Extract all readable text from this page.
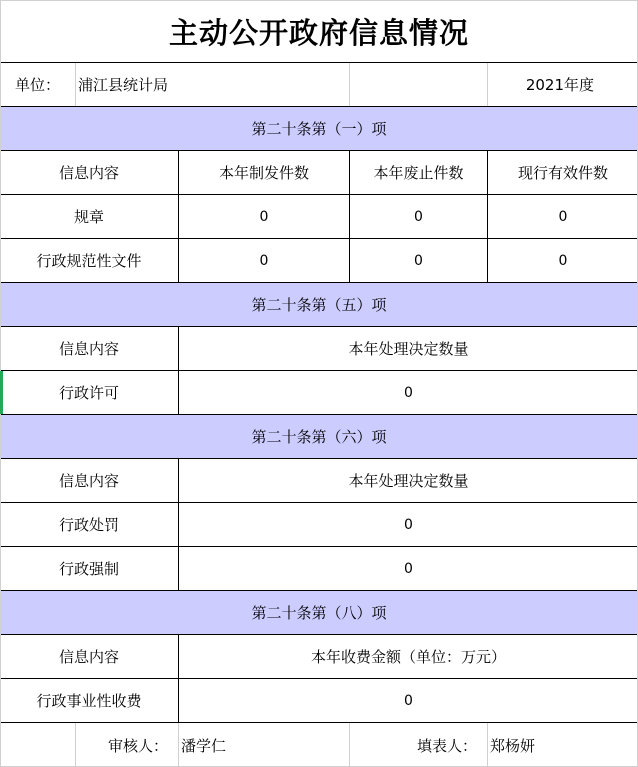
主动公开政府信息情况
单位：	浦江县统计局	2021年度
第二十条第（一）项
信息内容	本年制发件数	本年废止件数	现行有效件数
规章	0	0	0
行政规范性文件	0	0	0
第二十条第（五）项
信息内容	本年处理决定数量
行政许可	0
第二十条第（六）项
信息内容	本年处理决定数量
行政处罚	0
行政强制	0
第二十条第（八）项
信息内容	本年收费金额（单位：万元）
行政事业性收费	0
审核人： 潘学仁	填表人： 郑杨妍
